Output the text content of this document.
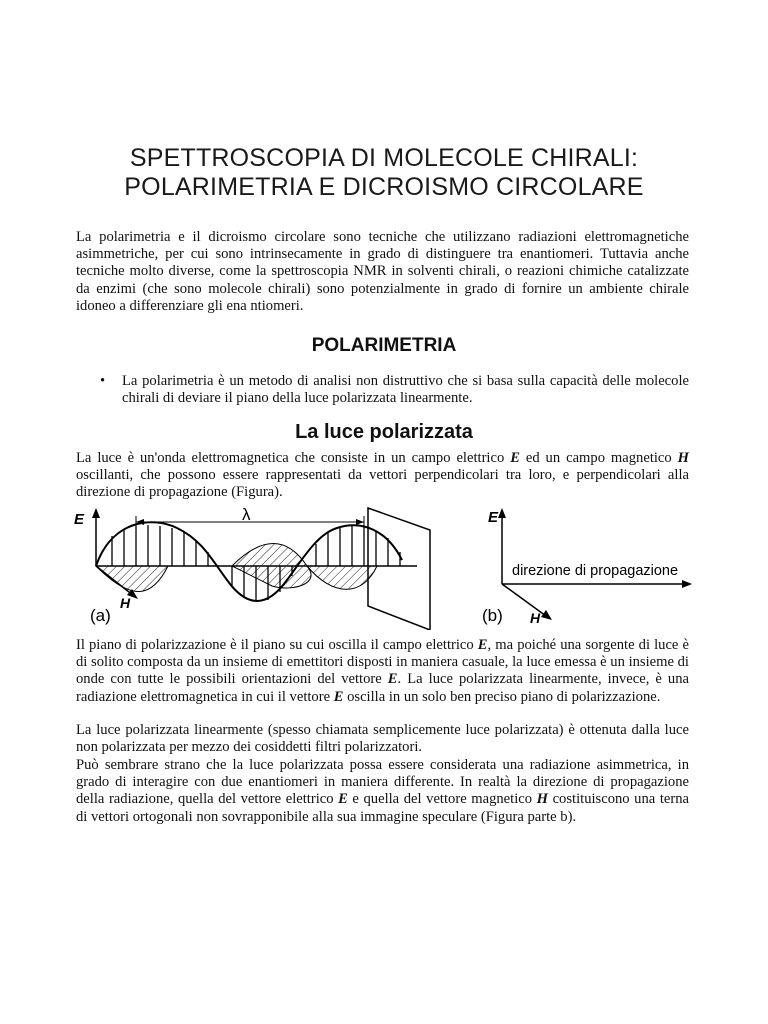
SPETTROSCOPIA DI MOLECOLE CHIRALI:
POLARIMETRIA E DICROISMO CIRCOLARE
La polarimetria e il dicroismo circolare sono tecniche che utilizzano radiazioni elettromagnetiche asimmetriche, per cui sono intrinsecamente in grado di distinguere tra enantiomeri. Tuttavia anche tecniche molto diverse, come la spettroscopia NMR in solventi chirali, o reazioni chimiche catalizzate da enzimi (che sono molecole chirali) sono potenzialmente in grado di fornire un ambiente chirale idoneo a differenziare gli ena ntiomeri.
POLARIMETRIA
•	La polarimetria è un metodo di analisi non distruttivo che si basa sulla capacità delle molecole chirali di deviare il piano della luce polarizzata linearmente.
La luce polarizzata
La luce è un'onda elettromagnetica che consiste in un campo elettrico E ed un campo magnetico H oscillanti, che possono essere rappresentati da vettori perpendicolari tra loro, e perpendicolari alla direzione di propagazione (Figura).
E
H
λ
(a)
E
direzione di propagazione
H
(b)
Il piano di polarizzazione è il piano su cui oscilla il campo elettrico E, ma poiché una sorgente di luce è di solito composta da un insieme di emettitori disposti in maniera casuale, la luce emessa è un insieme di onde con tutte le possibili orientazioni del vettore E. La luce polarizzata linearmente, invece, è una radiazione elettromagnetica in cui il vettore E oscilla in un solo ben preciso piano di polarizzazione.
La luce polarizzata linearmente (spesso chiamata semplicemente luce polarizzata) è ottenuta dalla luce non polarizzata per mezzo dei cosiddetti filtri polarizzatori.
Può sembrare strano che la luce polarizzata possa essere considerata una radiazione asimmetrica, in grado di interagire con due enantiomeri in maniera differente. In realtà la direzione di propagazione della radiazione, quella del vettore elettrico E e quella del vettore magnetico H costituiscono una terna di vettori ortogonali non sovrapponibile alla sua immagine speculare (Figura parte b).
